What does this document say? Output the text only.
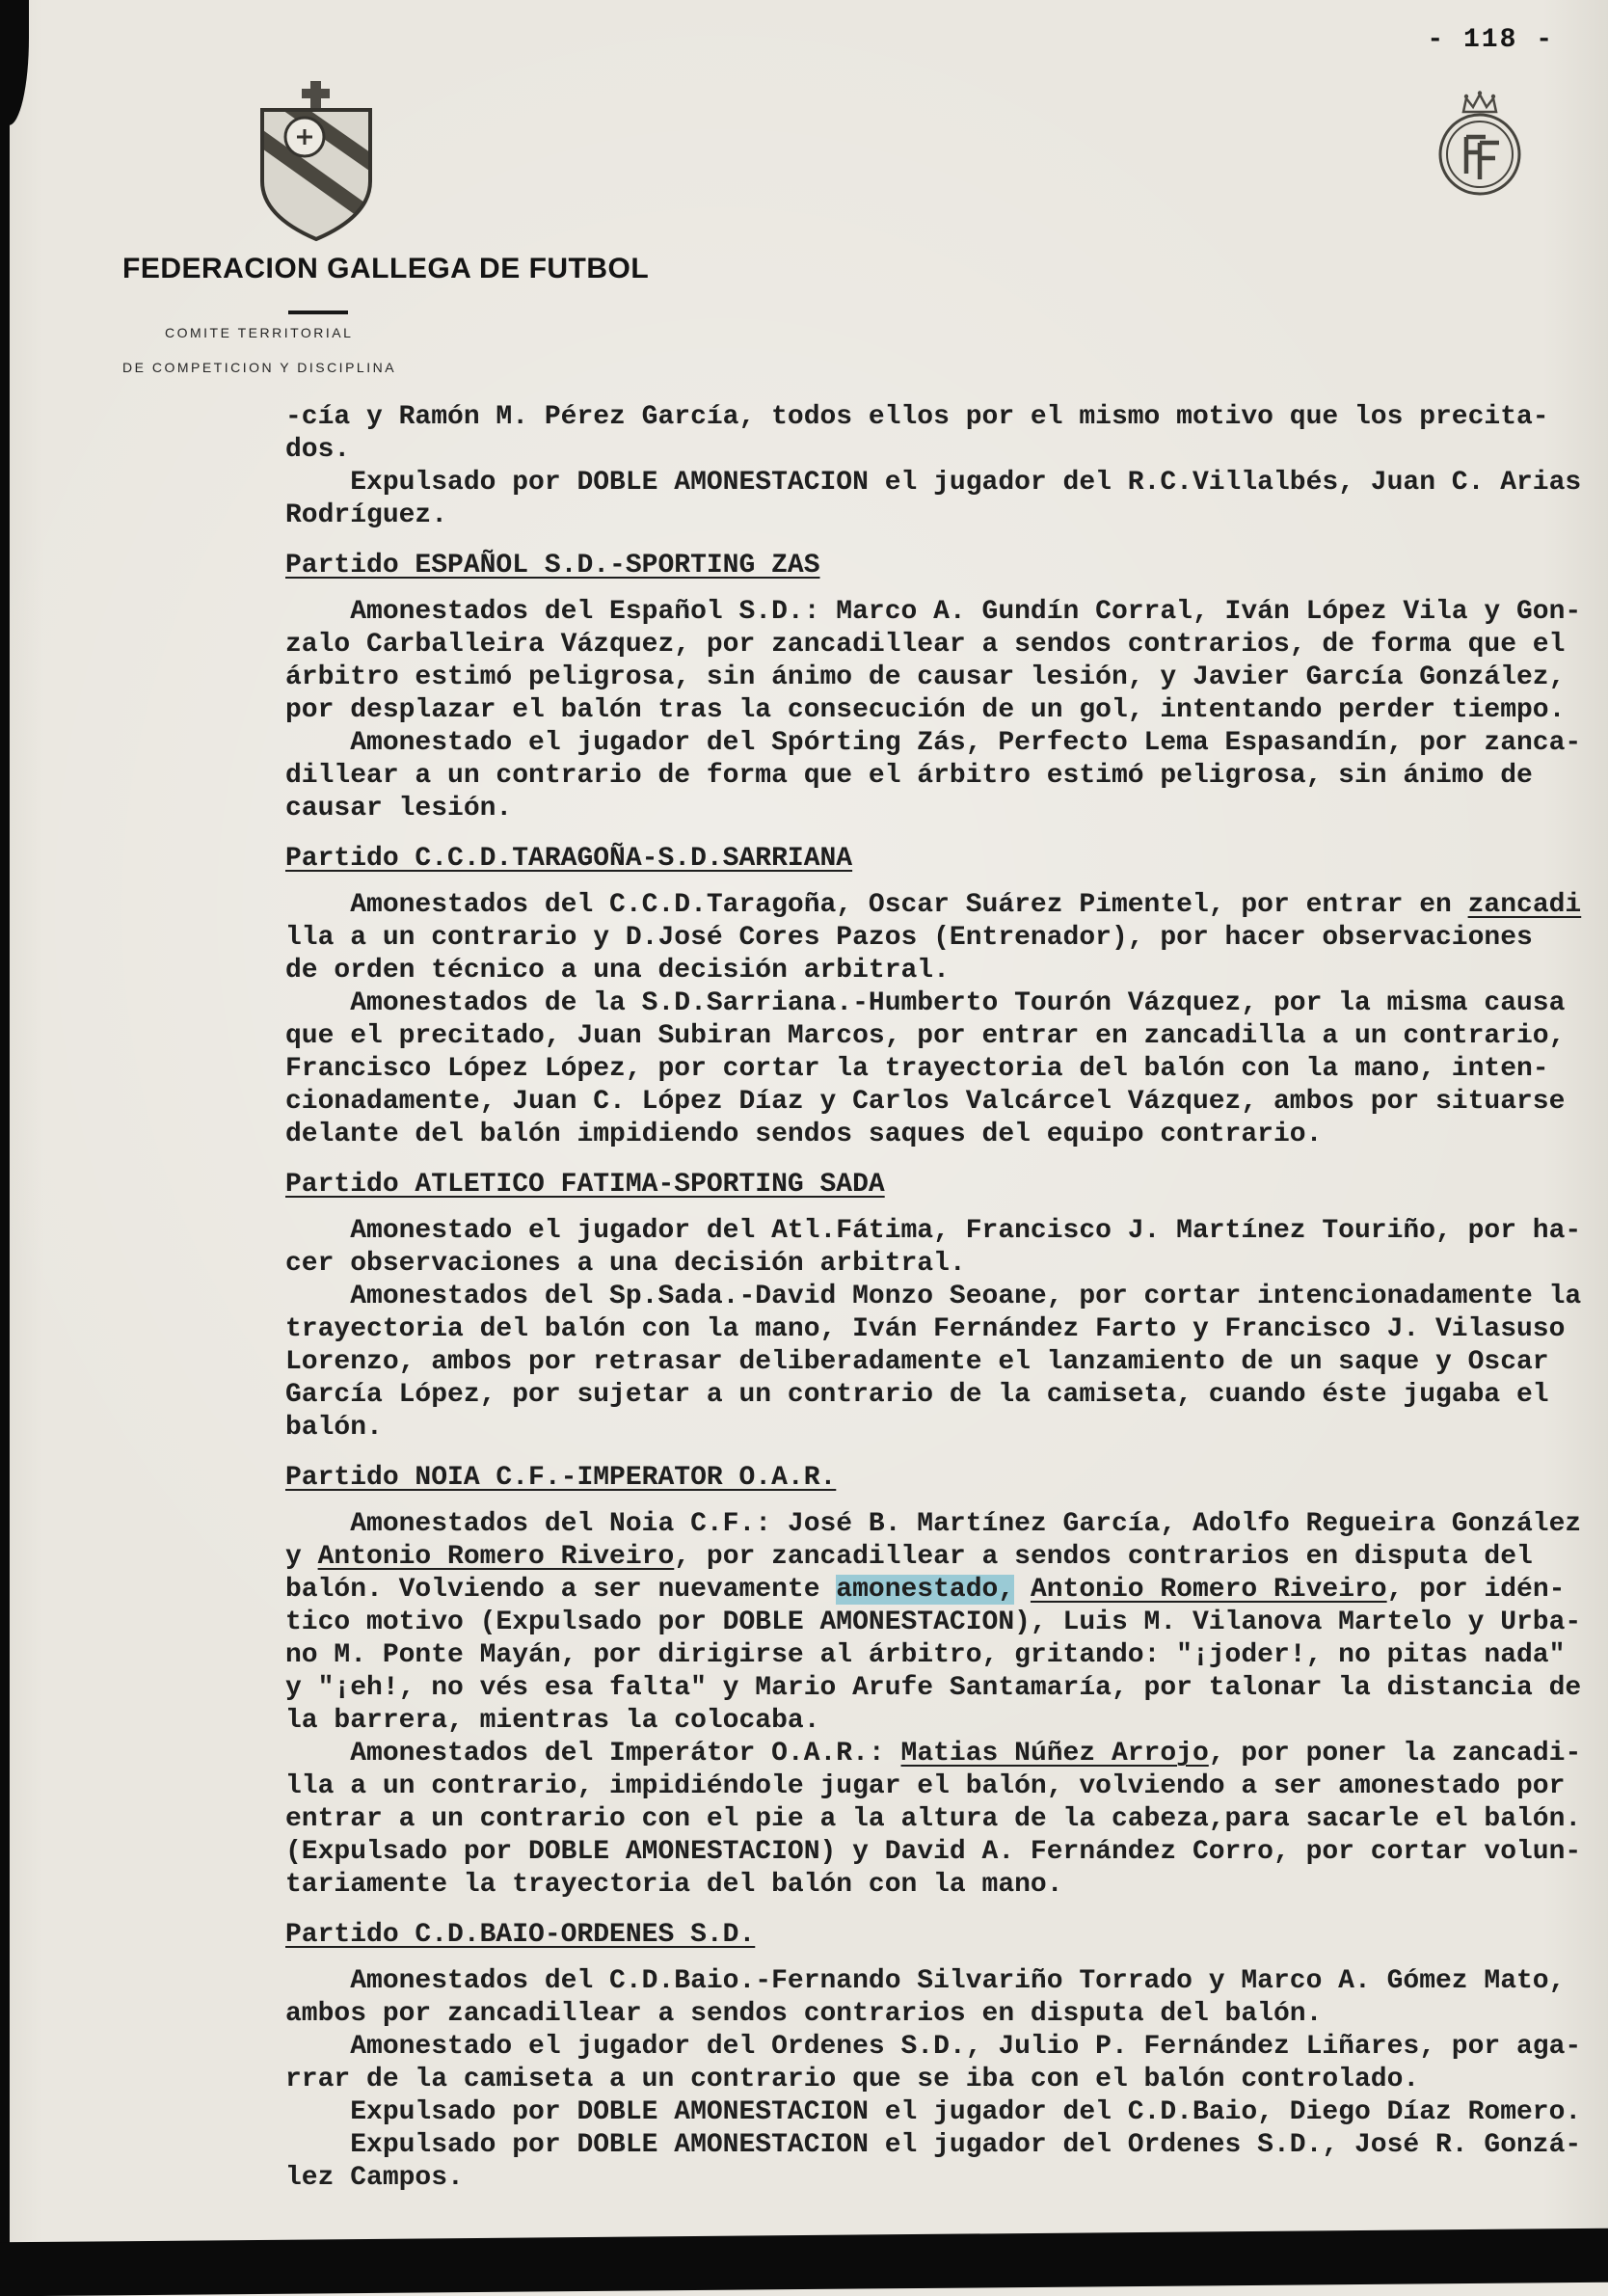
- 118 -
FEDERACION GALLEGA DE FUTBOL
COMITE TERRITORIAL
DE COMPETICION Y DISCIPLINA
-cía y Ramón M. Pérez García, todos ellos por el mismo motivo que los precita-
dos.
Expulsado por DOBLE AMONESTACION el jugador del R.C.Villalbés, Juan C. Arias
Rodríguez.
Partido ESPAÑOL S.D.-SPORTING ZAS
Amonestados del Español S.D.: Marco A. Gundín Corral, Iván López Vila y Gon-
zalo Carballeira Vázquez, por zancadillear a sendos contrarios, de forma que el
árbitro estimó peligrosa, sin ánimo de causar lesión, y Javier García González,
por desplazar el balón tras la consecución de un gol, intentando perder tiempo.
Amonestado el jugador del Spórting Zás, Perfecto Lema Espasandín, por zanca-
dillear a un contrario de forma que el árbitro estimó peligrosa, sin ánimo de
causar lesión.
Partido C.C.D.TARAGOÑA-S.D.SARRIANA
Amonestados del C.C.D.Taragoña, Oscar Suárez Pimentel, por entrar en zancadi
lla a un contrario y D.José Cores Pazos (Entrenador), por hacer observaciones
de orden técnico a una decisión arbitral.
Amonestados de la S.D.Sarriana.-Humberto Tourón Vázquez, por la misma causa
que el precitado, Juan Subiran Marcos, por entrar en zancadilla a un contrario,
Francisco López López, por cortar la trayectoria del balón con la mano, inten-
cionadamente, Juan C. López Díaz y Carlos Valcárcel Vázquez, ambos por situarse
delante del balón impidiendo sendos saques del equipo contrario.
Partido ATLETICO FATIMA-SPORTING SADA
Amonestado el jugador del Atl.Fátima, Francisco J. Martínez Touriño, por ha-
cer observaciones a una decisión arbitral.
Amonestados del Sp.Sada.-David Monzo Seoane, por cortar intencionadamente la
trayectoria del balón con la mano, Iván Fernández Farto y Francisco J. Vilasuso
Lorenzo, ambos por retrasar deliberadamente el lanzamiento de un saque y Oscar
García López, por sujetar a un contrario de la camiseta, cuando éste jugaba el
balón.
Partido NOIA C.F.-IMPERATOR O.A.R.
Amonestados del Noia C.F.: José B. Martínez García, Adolfo Regueira González
y Antonio Romero Riveiro, por zancadillear a sendos contrarios en disputa del
balón. Volviendo a ser nuevamente amonestado, Antonio Romero Riveiro, por idén-
tico motivo (Expulsado por DOBLE AMONESTACION), Luis M. Vilanova Martelo y Urba-
no M. Ponte Mayán, por dirigirse al árbitro, gritando: "¡joder!, no pitas nada"
y "¡eh!, no vés esa falta" y Mario Arufe Santamaría, por talonar la distancia de
la barrera, mientras la colocaba.
Amonestados del Imperátor O.A.R.: Matias Núñez Arrojo, por poner la zancadi-
lla a un contrario, impidiéndole jugar el balón, volviendo a ser amonestado por
entrar a un contrario con el pie a la altura de la cabeza,para sacarle el balón.
(Expulsado por DOBLE AMONESTACION) y David A. Fernández Corro, por cortar volun-
tariamente la trayectoria del balón con la mano.
Partido C.D.BAIO-ORDENES S.D.
Amonestados del C.D.Baio.-Fernando Silvariño Torrado y Marco A. Gómez Mato,
ambos por zancadillear a sendos contrarios en disputa del balón.
Amonestado el jugador del Ordenes S.D., Julio P. Fernández Liñares, por aga-
rrar de la camiseta a un contrario que se iba con el balón controlado.
Expulsado por DOBLE AMONESTACION el jugador del C.D.Baio, Diego Díaz Romero.
Expulsado por DOBLE AMONESTACION el jugador del Ordenes S.D., José R. Gonzá-
lez Campos.
